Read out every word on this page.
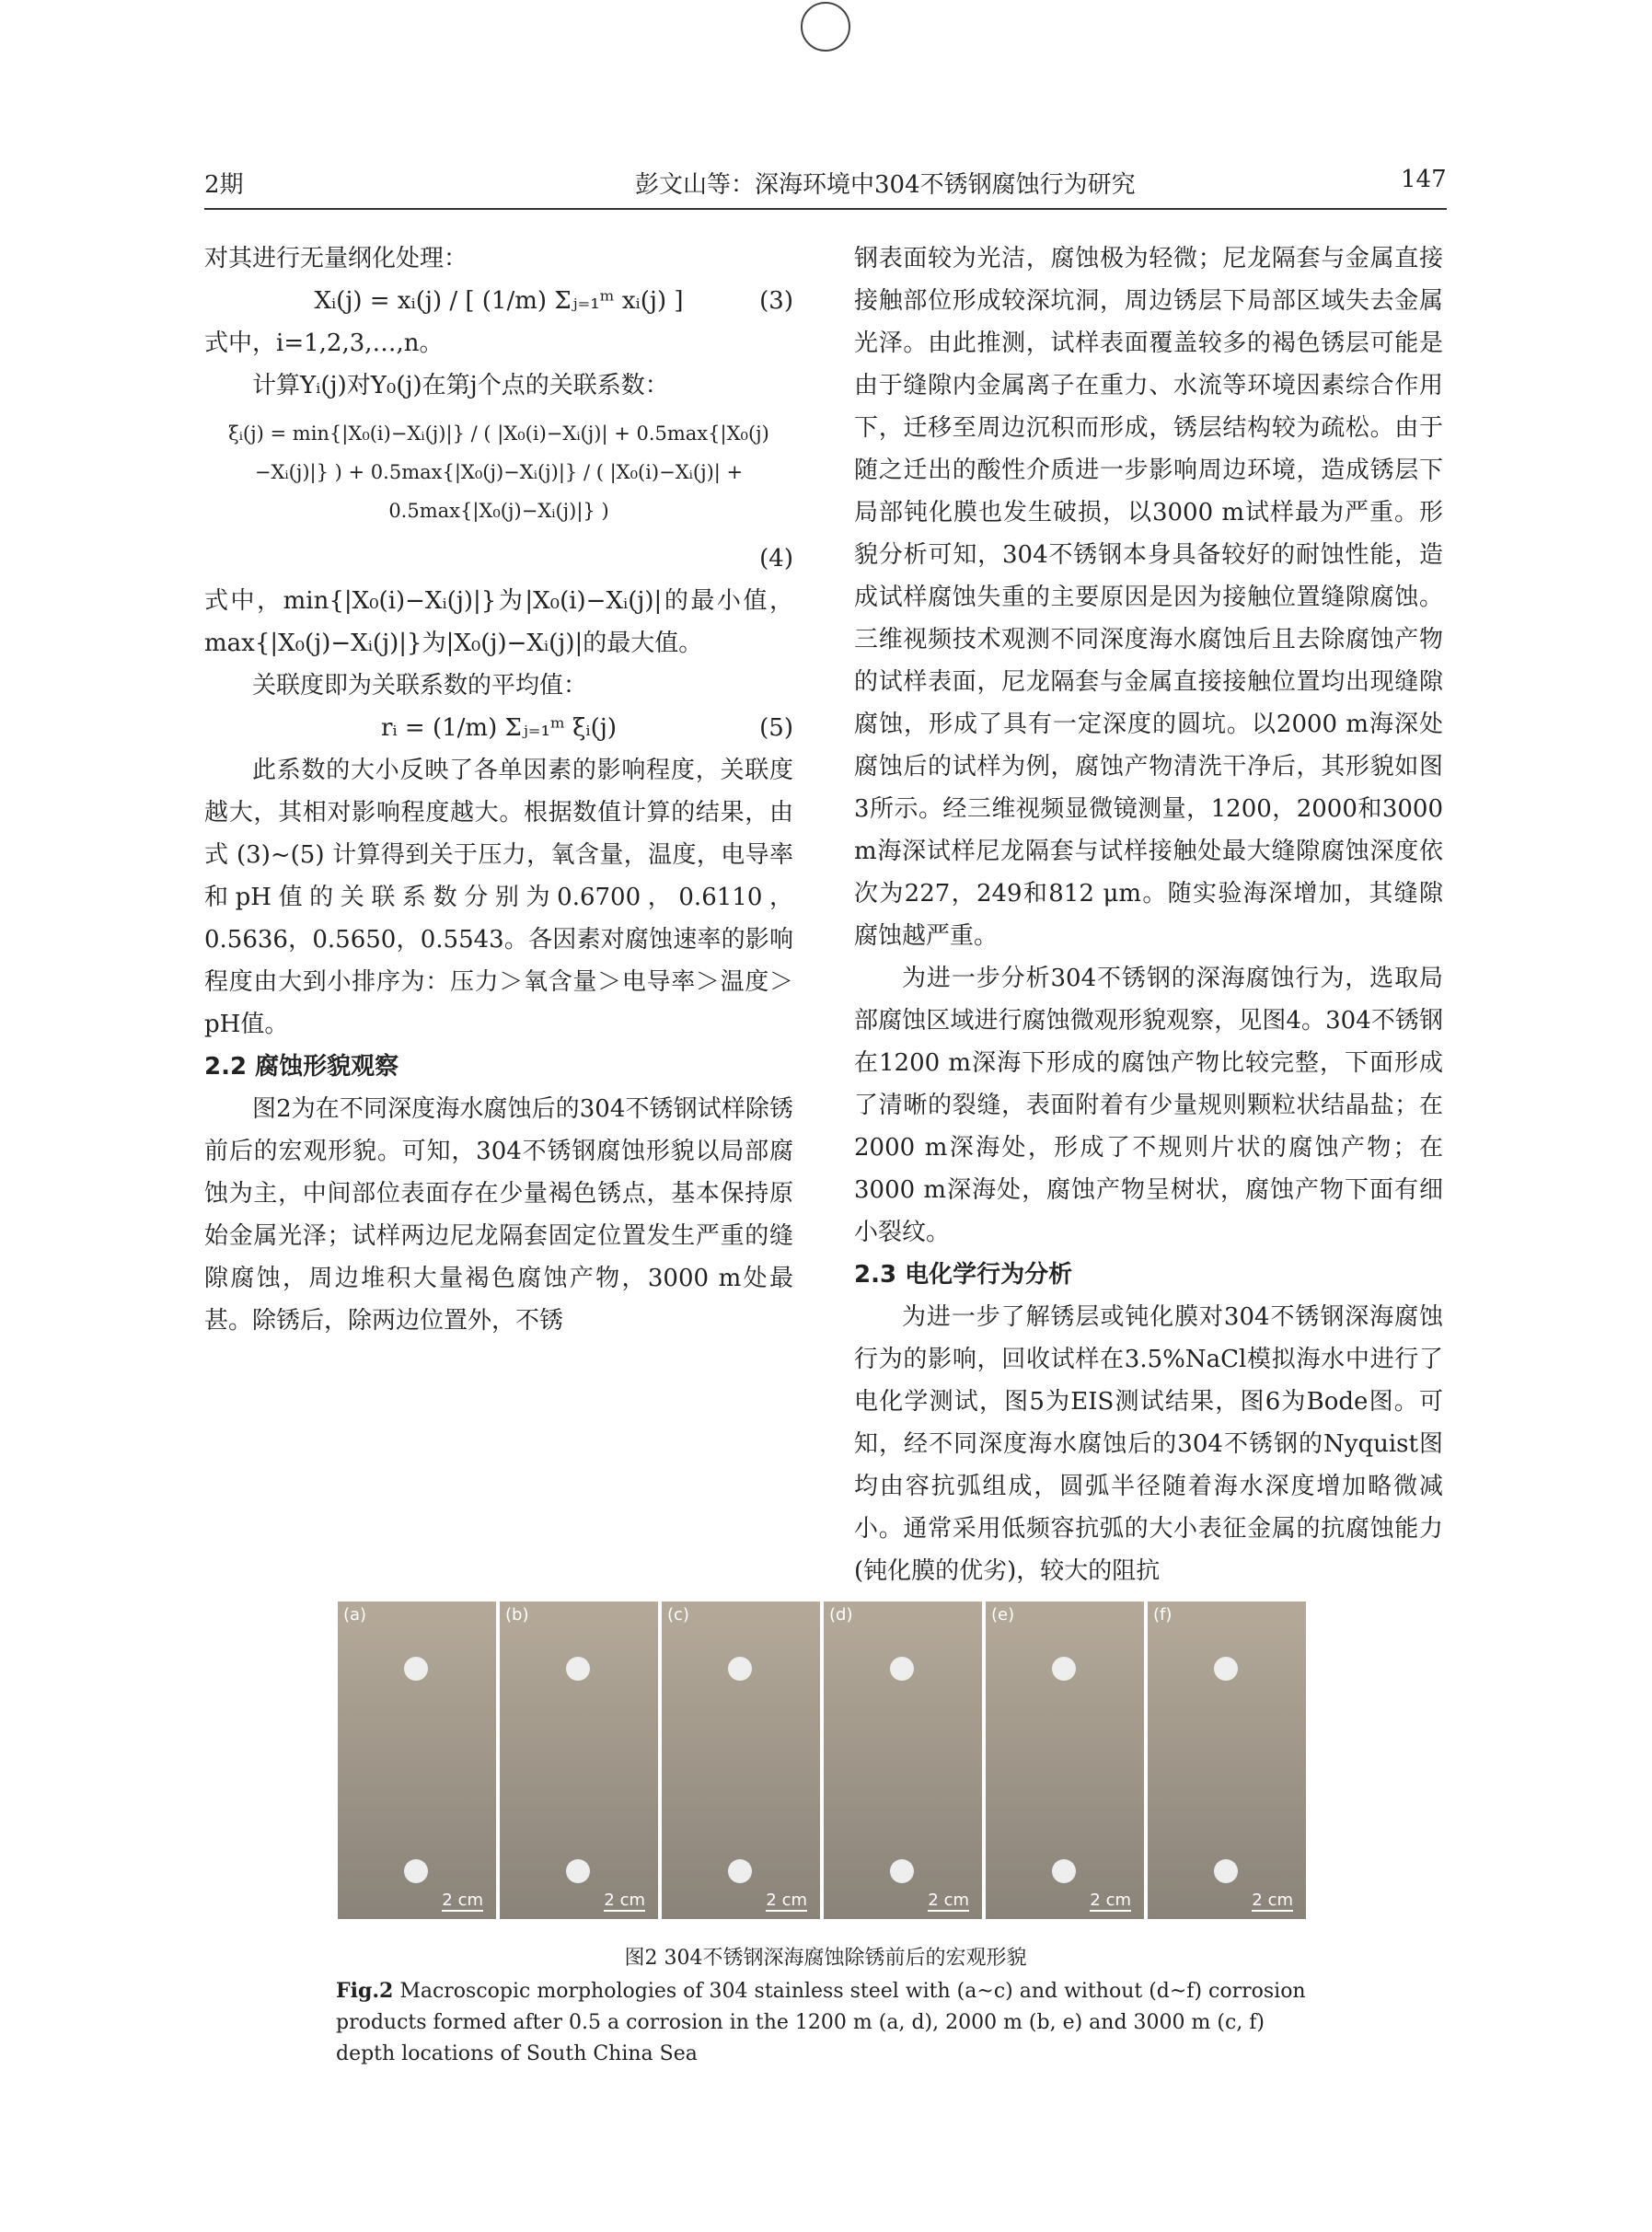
2期	彭文山等：深海环境中304不锈钢腐蚀行为研究	147

对其进行无量纲化处理：

Xᵢ(j) = xᵢ(j) / [ (1/m) Σⱼ₌₁ᵐ xᵢ(j) ]	(3)

式中，i=1,2,3,…,n。

计算Yᵢ(j)对Y₀(j)在第j个点的关联系数：

ξᵢ(j) = min{|X₀(i)−Xᵢ(j)|} / ( |X₀(i)−Xᵢ(j)| + 0.5max{|X₀(j)−Xᵢ(j)|} ) + 0.5max{|X₀(j)−Xᵢ(j)|} / ( |X₀(i)−Xᵢ(j)| + 0.5max{|X₀(j)−Xᵢ(j)|} )

(4)

式中，min{|X₀(i)−Xᵢ(j)|}为|X₀(i)−Xᵢ(j)|的最小值，max{|X₀(j)−Xᵢ(j)|}为|X₀(j)−Xᵢ(j)|的最大值。

关联度即为关联系数的平均值：

rᵢ = (1/m) Σⱼ₌₁ᵐ ξᵢ(j)	(5)

此系数的大小反映了各单因素的影响程度，关联度越大，其相对影响程度越大。根据数值计算的结果，由式 (3)~(5) 计算得到关于压力，氧含量，温度，电导率和pH值的关联系数分别为0.6700，0.6110，0.5636，0.5650，0.5543。各因素对腐蚀速率的影响程度由大到小排序为：压力＞氧含量＞电导率＞温度＞pH值。

2.2 腐蚀形貌观察

图2为在不同深度海水腐蚀后的304不锈钢试样除锈前后的宏观形貌。可知，304不锈钢腐蚀形貌以局部腐蚀为主，中间部位表面存在少量褐色锈点，基本保持原始金属光泽；试样两边尼龙隔套固定位置发生严重的缝隙腐蚀，周边堆积大量褐色腐蚀产物，3000 m处最甚。除锈后，除两边位置外，不锈

钢表面较为光洁，腐蚀极为轻微；尼龙隔套与金属直接接触部位形成较深坑洞，周边锈层下局部区域失去金属光泽。由此推测，试样表面覆盖较多的褐色锈层可能是由于缝隙内金属离子在重力、水流等环境因素综合作用下，迁移至周边沉积而形成，锈层结构较为疏松。由于随之迁出的酸性介质进一步影响周边环境，造成锈层下局部钝化膜也发生破损，以3000 m试样最为严重。形貌分析可知，304不锈钢本身具备较好的耐蚀性能，造成试样腐蚀失重的主要原因是因为接触位置缝隙腐蚀。三维视频技术观测不同深度海水腐蚀后且去除腐蚀产物的试样表面，尼龙隔套与金属直接接触位置均出现缝隙腐蚀，形成了具有一定深度的圆坑。以2000 m海深处腐蚀后的试样为例，腐蚀产物清洗干净后，其形貌如图3所示。经三维视频显微镜测量，1200，2000和3000 m海深试样尼龙隔套与试样接触处最大缝隙腐蚀深度依次为227，249和812 μm。随实验海深增加，其缝隙腐蚀越严重。

为进一步分析304不锈钢的深海腐蚀行为，选取局部腐蚀区域进行腐蚀微观形貌观察，见图4。304不锈钢在1200 m深海下形成的腐蚀产物比较完整，下面形成了清晰的裂缝，表面附着有少量规则颗粒状结晶盐；在2000 m深海处，形成了不规则片状的腐蚀产物；在3000 m深海处，腐蚀产物呈树状，腐蚀产物下面有细小裂纹。

2.3 电化学行为分析

为进一步了解锈层或钝化膜对304不锈钢深海腐蚀行为的影响，回收试样在3.5%NaCl模拟海水中进行了电化学测试，图5为EIS测试结果，图6为Bode图。可知，经不同深度海水腐蚀后的304不锈钢的Nyquist图均由容抗弧组成，圆弧半径随着海水深度增加略微减小。通常采用低频容抗弧的大小表征金属的抗腐蚀能力 (钝化膜的优劣)，较大的阻抗

(a)
2 cm
(b)
2 cm
(c)
2 cm
(d)
2 cm
(e)
2 cm
(f)
2 cm
图2 304不锈钢深海腐蚀除锈前后的宏观形貌
Fig.2 Macroscopic morphologies of 304 stainless steel with (a~c) and without (d~f) corrosion products formed after 0.5 a corrosion in the 1200 m (a, d), 2000 m (b, e) and 3000 m (c, f) depth locations of South China Sea
